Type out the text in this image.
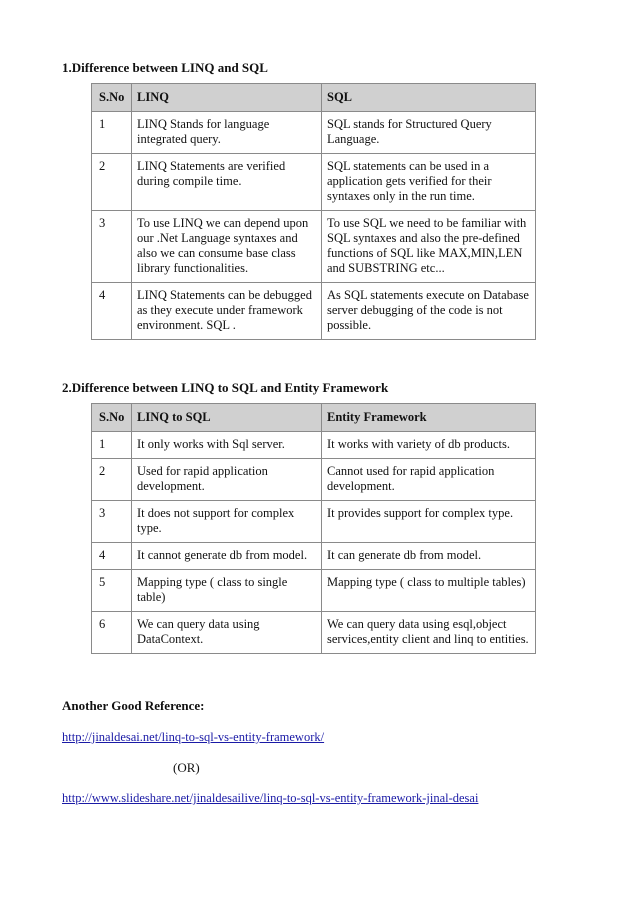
1.Difference between LINQ and SQL
S.No	LINQ	SQL
1	LINQ Stands for language integrated query.	SQL stands for Structured Query Language.
2	LINQ Statements are verified during compile time.	SQL statements can be used in a application gets verified for their syntaxes only in the run time.
3	To use LINQ we can depend upon our .Net Language syntaxes and also we can consume base class library functionalities.	To use SQL we need to be familiar with SQL syntaxes and also the pre-defined functions of SQL like MAX,MIN,LEN and SUBSTRING etc...
4	LINQ Statements can be debugged as they execute under framework environment. SQL .	As SQL statements execute on Database server debugging of the code is not possible.
2.Difference between LINQ to SQL and Entity Framework
S.No	LINQ to SQL	Entity Framework
1	It only works with Sql server.	It works with variety of db products.
2	Used for rapid application development.	Cannot used for rapid application development.
3	It does not support for complex type.	It provides support for complex type.
4	It cannot generate db from model.	It can generate db from model.
5	Mapping type ( class to single table)	Mapping type ( class to multiple tables)
6	We can query data using DataContext.	We can query data using esql,object services,entity client and linq to entities.
Another Good Reference:
http://jinaldesai.net/linq-to-sql-vs-entity-framework/
(OR)
http://www.slideshare.net/jinaldesailive/linq-to-sql-vs-entity-framework-jinal-desai
